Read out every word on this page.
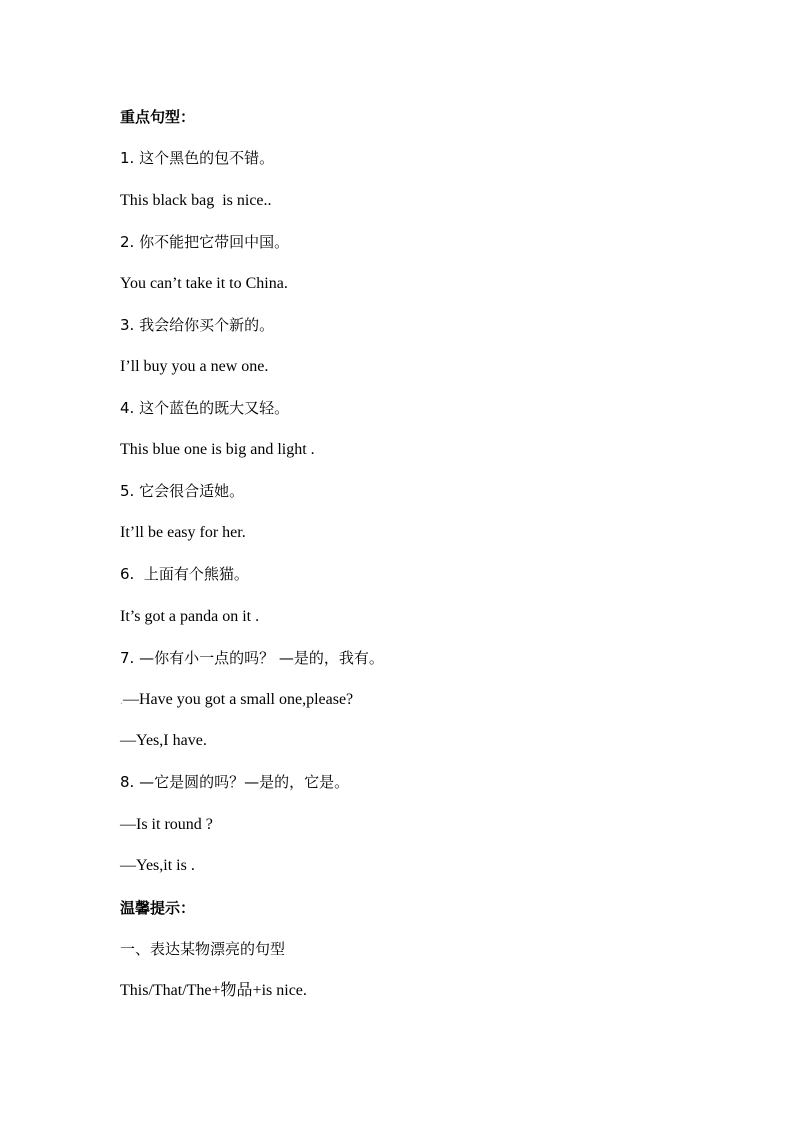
重点句型：
1. 这个黑色的包不错。
This black bag  is nice..
2. 你不能把它带回中国。
You can’t take it to China.
3. 我会给你买个新的。
I’ll buy you a new one.
4. 这个蓝色的既大又轻。
This blue one is big and light .
5. 它会很合适她。
It’ll be easy for her.
6.  上面有个熊猫。
It’s got a panda on it .
7. —你有小一点的吗？ —是的，我有。
.—Have you got a small one,please?
—Yes,I have.
8. —它是圆的吗？—是的，它是。
—Is it round ?
—Yes,it is .
温馨提示：
一、表达某物漂亮的句型
This/That/The+物品+is nice.
